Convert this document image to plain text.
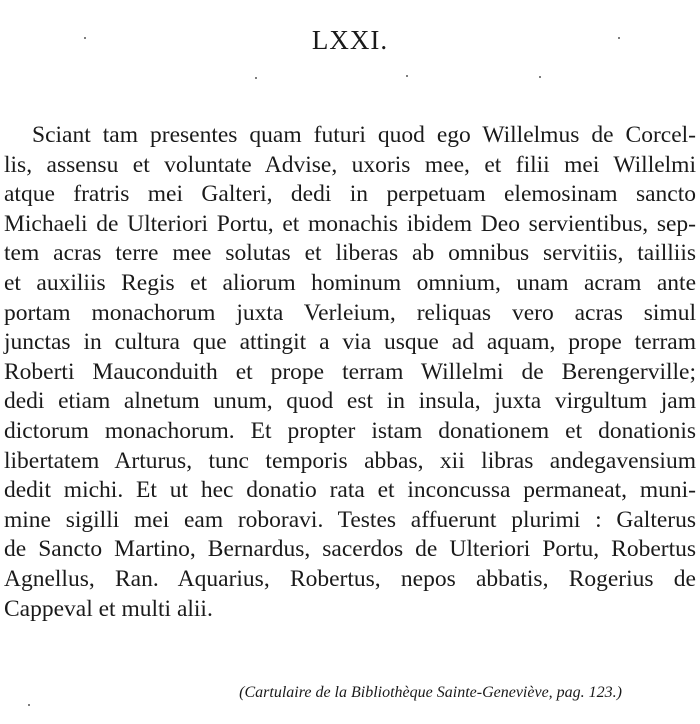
LXXI.
Sciant tam presentes quam futuri quod ego Willelmus de Corcel-
lis, assensu et voluntate Advise, uxoris mee, et filii mei Willelmi
atque fratris mei Galteri, dedi in perpetuam elemosinam sancto
Michaeli de Ulteriori Portu, et monachis ibidem Deo servientibus, sep-
tem acras terre mee solutas et liberas ab omnibus servitiis, tailliis
et auxiliis Regis et aliorum hominum omnium, unam acram ante
portam monachorum juxta Verleium, reliquas vero acras simul
junctas in cultura que attingit a via usque ad aquam, prope terram
Roberti Mauconduith et prope terram Willelmi de Berengerville;
dedi etiam alnetum unum, quod est in insula, juxta virgultum jam
dictorum monachorum. Et propter istam donationem et donationis
libertatem Arturus, tunc temporis abbas, xii libras andegavensium
dedit michi. Et ut hec donatio rata et inconcussa permaneat, muni-
mine sigilli mei eam roboravi. Testes affuerunt plurimi : Galterus
de Sancto Martino, Bernardus, sacerdos de Ulteriori Portu, Robertus
Agnellus, Ran. Aquarius, Robertus, nepos abbatis, Rogerius de
Cappeval et multi alii.

(Cartulaire de la Bibliothèque Sainte-Geneviève, pag. 123.)
